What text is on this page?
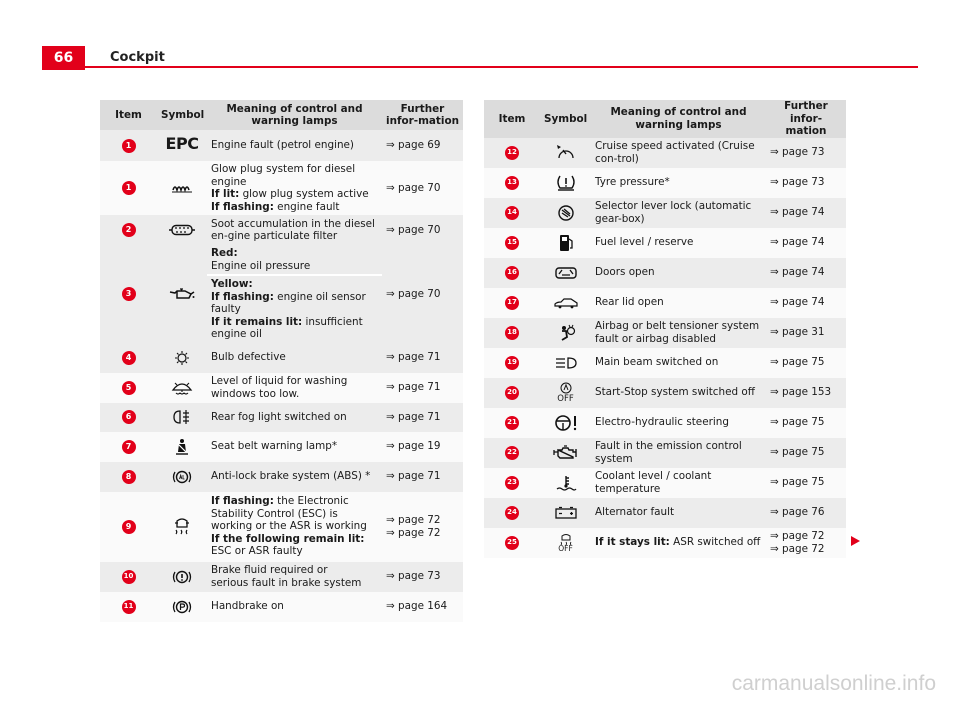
66	Cockpit
Item	Symbol	Meaning of control and warning lamps	Further infor-mation
1	EPC	Engine fault (petrol engine)	⇒ page 69
1		Glow plug system for diesel engine
If lit: glow plug system active
If flashing: engine fault	⇒ page 70
2		Soot accumulation in the diesel en-gine particulate filter	⇒ page 70
3		Red:
Engine oil pressure	⇒ page 70

		Yellow:
If flashing: engine oil sensor faulty
If it remains lit: insufficient engine oil	

4		Bulb defective	⇒ page 71
5		Level of liquid for washing windows too low.	⇒ page 71
6		Rear fog light switched on	⇒ page 71
7		Seat belt warning lamp*	⇒ page 19
8		Anti-lock brake system (ABS) *	⇒ page 71
9		If flashing: the Electronic Stability Control (ESC) is working or the ASR is working
If the following remain lit: ESC or ASR faulty	⇒ page 72
⇒ page 72

10		Brake fluid required or
serious fault in brake system	⇒ page 73
11		Handbrake on	⇒ page 164
Item	Symbol	Meaning of control and warning lamps	Further infor-mation
12		Cruise speed activated (Cruise con-trol)	⇒ page 73
13		Tyre pressure*	⇒ page 73
14		Selector lever lock (automatic gear-box)	⇒ page 74
15		Fuel level / reserve	⇒ page 74
16		Doors open	⇒ page 74
17		Rear lid open	⇒ page 74
18		Airbag or belt tensioner system fault or airbag disabled	⇒ page 31
19		Main beam switched on	⇒ page 75
20	OFF	Start-Stop system switched off	⇒ page 153
21		Electro-hydraulic steering	⇒ page 75
22		Fault in the emission control system	⇒ page 75
23		Coolant level / coolant temperature	⇒ page 75
24		Alternator fault	⇒ page 76
25	OFF	If it stays lit: ASR switched off	⇒ page 72
⇒ page 72
carmanualsonline.info
